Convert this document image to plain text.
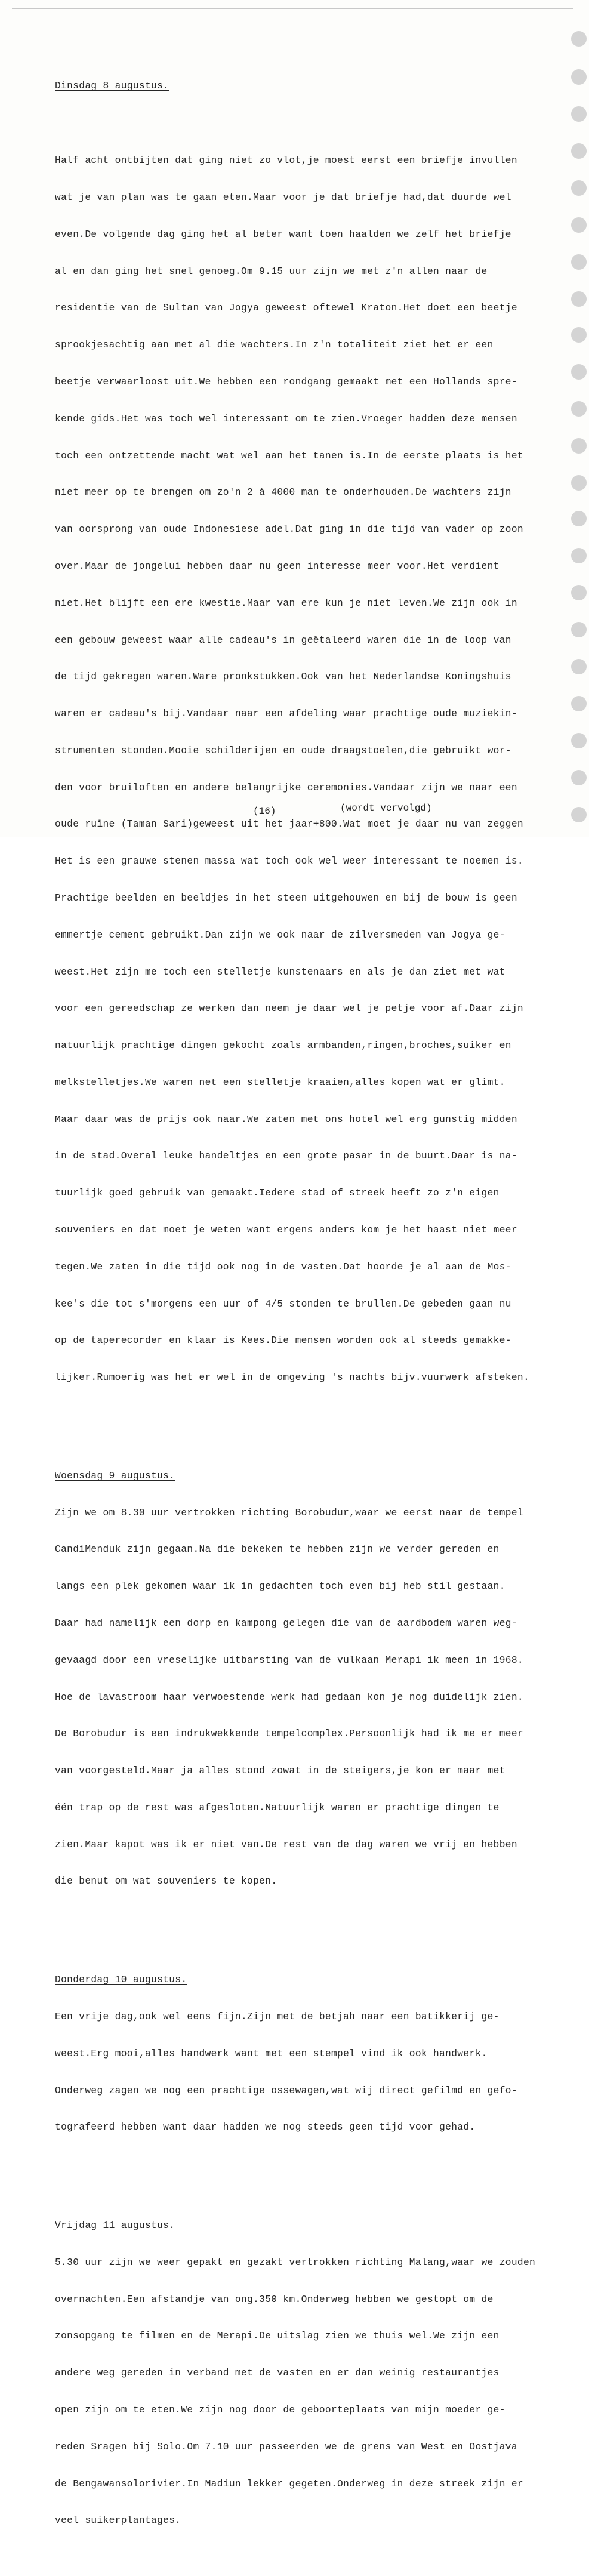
Dinsdag 8 augustus.

Half acht ontbijten dat ging niet zo vlot,je moest eerst een briefje invullen

wat je van plan was te gaan eten.Maar voor je dat briefje had,dat duurde wel

even.De volgende dag ging het al beter want toen haalden we zelf het briefje

al en dan ging het snel genoeg.Om 9.15 uur zijn we met z'n allen naar de

residentie van de Sultan van Jogya geweest oftewel Kraton.Het doet een beetje

sprookjesachtig aan met al die wachters.In z'n totaliteit ziet het er een

beetje verwaarloost uit.We hebben een rondgang gemaakt met een Hollands spre-

kende gids.Het was toch wel interessant om te zien.Vroeger hadden deze mensen

toch een ontzettende macht wat wel aan het tanen is.In de eerste plaats is het

niet meer op te brengen om zo'n 2 à 4000 man te onderhouden.De wachters zijn

van oorsprong van oude Indonesiese adel.Dat ging in die tijd van vader op zoon

over.Maar de jongelui hebben daar nu geen interesse meer voor.Het verdient

niet.Het blijft een ere kwestie.Maar van ere kun je niet leven.We zijn ook in

een gebouw geweest waar alle cadeau's in geëtaleerd waren die in de loop van

de tijd gekregen waren.Ware pronkstukken.Ook van het Nederlandse Koningshuis

waren er cadeau's bij.Vandaar naar een afdeling waar prachtige oude muziekin-

strumenten stonden.Mooie schilderijen en oude draagstoelen,die gebruikt wor-

den voor bruiloften en andere belangrijke ceremonies.Vandaar zijn we naar een

oude ruïne (Taman Sari)geweest uit het jaar+800.Wat moet je daar nu van zeggen

Het is een grauwe stenen massa wat toch ook wel weer interessant te noemen is.

Prachtige beelden en beeldjes in het steen uitgehouwen en bij de bouw is geen

emmertje cement gebruikt.Dan zijn we ook naar de zilversmeden van Jogya ge-

weest.Het zijn me toch een stelletje kunstenaars en als je dan ziet met wat

voor een gereedschap ze werken dan neem je daar wel je petje voor af.Daar zijn

natuurlijk prachtige dingen gekocht zoals armbanden,ringen,broches,suiker en

melkstelletjes.We waren net een stelletje kraaien,alles kopen wat er glimt.

Maar daar was de prijs ook naar.We zaten met ons hotel wel erg gunstig midden

in de stad.Overal leuke handeltjes en een grote pasar in de buurt.Daar is na-

tuurlijk goed gebruik van gemaakt.Iedere stad of streek heeft zo z'n eigen

souveniers en dat moet je weten want ergens anders kom je het haast niet meer

tegen.We zaten in die tijd ook nog in de vasten.Dat hoorde je al aan de Mos-

kee's die tot s'morgens een uur of 4/5 stonden te brullen.De gebeden gaan nu

op de taperecorder en klaar is Kees.Die mensen worden ook al steeds gemakke-

lijker.Rumoerig was het er wel in de omgeving 's nachts bijv.vuurwerk afsteken.

Woensdag 9 augustus.

Zijn we om 8.30 uur vertrokken richting Borobudur,waar we eerst naar de tempel

CandiMenduk zijn gegaan.Na die bekeken te hebben zijn we verder gereden en

langs een plek gekomen waar ik in gedachten toch even bij heb stil gestaan.

Daar had namelijk een dorp en kampong gelegen die van de aardbodem waren weg-

gevaagd door een vreselijke uitbarsting van de vulkaan Merapi ik meen in 1968.

Hoe de lavastroom haar verwoestende werk had gedaan kon je nog duidelijk zien.

De Borobudur is een indrukwekkende tempelcomplex.Persoonlijk had ik me er meer

van voorgesteld.Maar ja alles stond zowat in de steigers,je kon er maar met

één trap op de rest was afgesloten.Natuurlijk waren er prachtige dingen te

zien.Maar kapot was ik er niet van.De rest van de dag waren we vrij en hebben

die benut om wat souveniers te kopen.

Donderdag 10 augustus.

Een vrije dag,ook wel eens fijn.Zijn met de betjah naar een batikkerij ge-

weest.Erg mooi,alles handwerk want met een stempel vind ik ook handwerk.

Onderweg zagen we nog een prachtige ossewagen,wat wij direct gefilmd en gefo-

tografeerd hebben want daar hadden we nog steeds geen tijd voor gehad.

Vrijdag 11 augustus.

5.30 uur zijn we weer gepakt en gezakt vertrokken richting Malang,waar we zouden

overnachten.Een afstandje van ong.350 km.Onderweg hebben we gestopt om de

zonsopgang te filmen en de Merapi.De uitslag zien we thuis wel.We zijn een

andere weg gereden in verband met de vasten en er dan weinig restaurantjes

open zijn om te eten.We zijn nog door de geboorteplaats van mijn moeder ge-

reden Sragen bij Solo.Om 7.10 uur passeerden we de grens van West en Oostjava

de Bengawansolorivier.In Madiun lekker gegeten.Onderweg in deze streek zijn er

veel suikerplantages.

(16)	(wordt vervolgd)
